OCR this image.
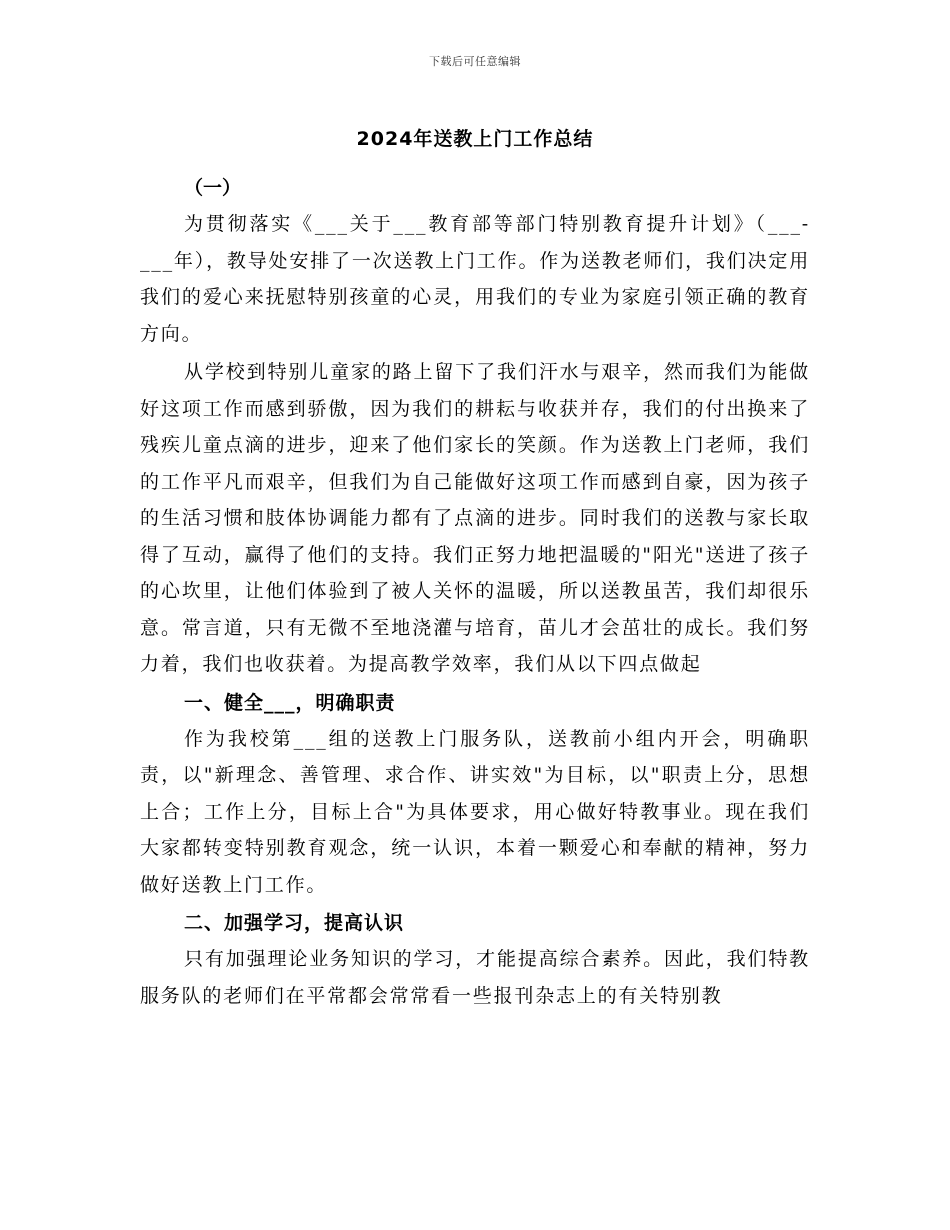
下载后可任意编辑
2024年送教上门工作总结
（一）

为贯彻落实《___关于___教育部等部门特别教育提升计划》（___-___年），教导处安排了一次送教上门工作。作为送教老师们，我们决定用我们的爱心来抚慰特别孩童的心灵，用我们的专业为家庭引领正确的教育方向。

从学校到特别儿童家的路上留下了我们汗水与艰辛，然而我们为能做好这项工作而感到骄傲，因为我们的耕耘与收获并存，我们的付出换来了残疾儿童点滴的进步，迎来了他们家长的笑颜。作为送教上门老师，我们的工作平凡而艰辛，但我们为自己能做好这项工作而感到自豪，因为孩子的生活习惯和肢体协调能力都有了点滴的进步。同时我们的送教与家长取得了互动，赢得了他们的支持。我们正努力地把温暖的"阳光"送进了孩子的心坎里，让他们体验到了被人关怀的温暖，所以送教虽苦，我们却很乐意。常言道，只有无微不至地浇灌与培育，苗儿才会茁壮的成长。我们努力着，我们也收获着。为提高教学效率，我们从以下四点做起

一、健全___，明确职责

作为我校第___组的送教上门服务队，送教前小组内开会，明确职责，以"新理念、善管理、求合作、讲实效"为目标，以"职责上分，思想上合；工作上分，目标上合"为具体要求，用心做好特教事业。现在我们大家都转变特别教育观念，统一认识，本着一颗爱心和奉献的精神，努力做好送教上门工作。

二、加强学习，提高认识

只有加强理论业务知识的学习，才能提高综合素养。因此，我们特教服务队的老师们在平常都会常常看一些报刊杂志上的有关特别教
